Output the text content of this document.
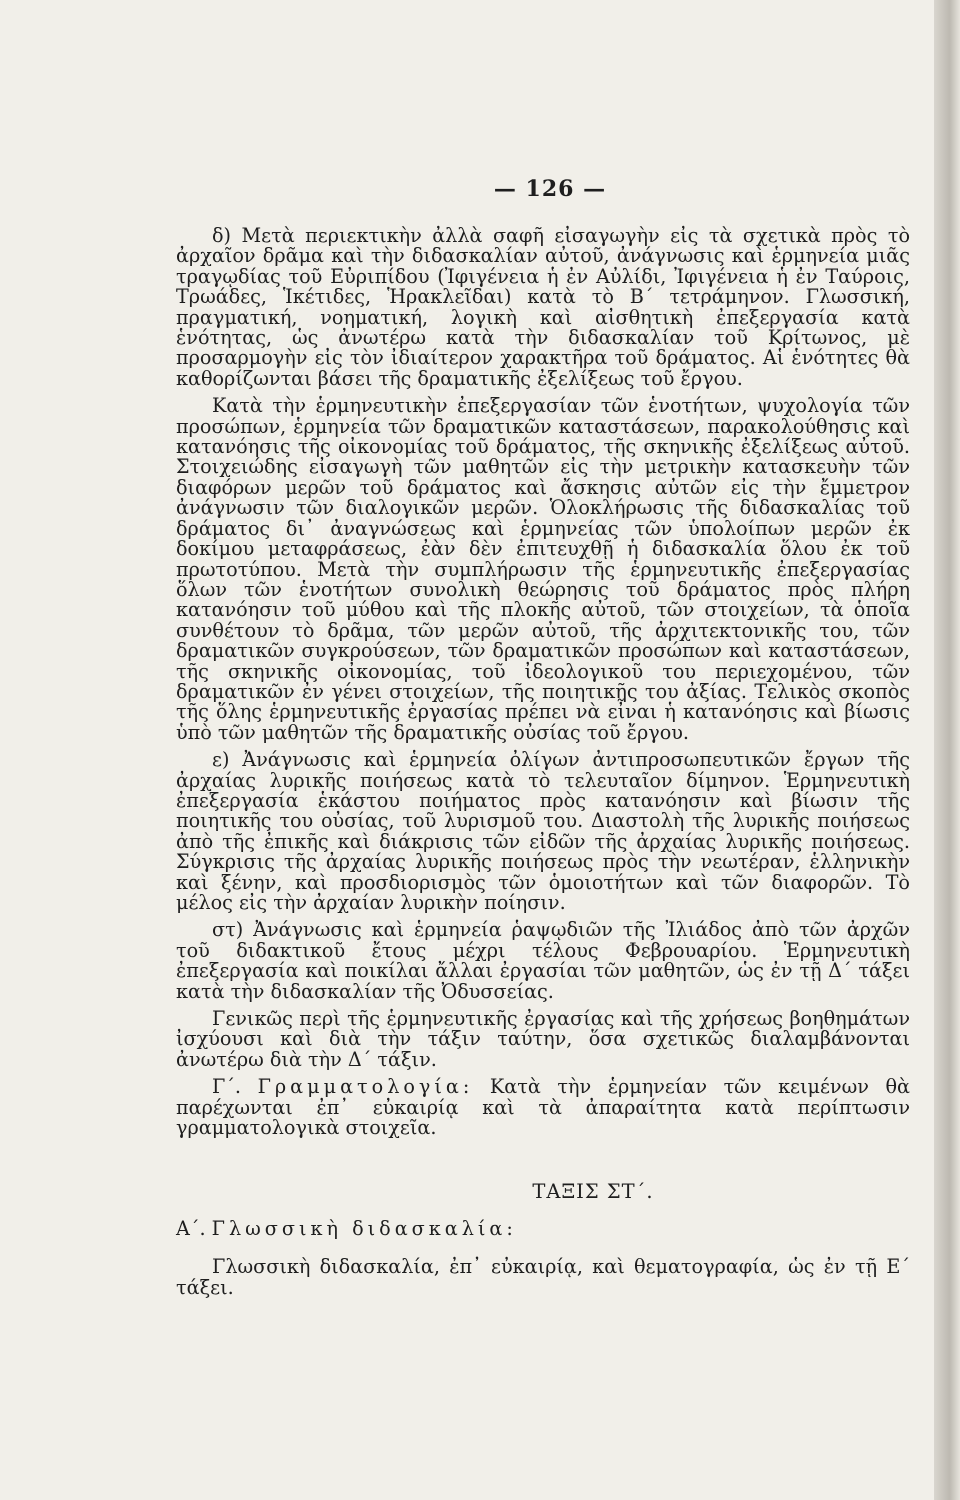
— 126 —

δ) Μετὰ περιεκτικὴν ἀλλὰ σαφῆ εἰσαγωγὴν εἰς τὰ σχετικὰ πρὸς τὸ ἀρχαῖον δρᾶμα καὶ τὴν διδασκαλίαν αὐτοῦ, ἀνάγνωσις καὶ ἑρμηνεία μιᾶς τραγῳδίας τοῦ Εὐριπίδου (Ἰφιγένεια ἡ ἐν Αὐλίδι, Ἰφιγένεια ἡ ἐν Ταύροις, Τρωάδες, Ἱκέτιδες, Ἡρακλεῖδαι) κατὰ τὸ Β΄ τετράμηνον. Γλωσσική, πραγματική, νοηματική, λογικὴ καὶ αἰσθητικὴ ἐπεξεργασία κατὰ ἑνότητας, ὡς ἀνωτέρω κατὰ τὴν διδασκαλίαν τοῦ Κρίτωνος, μὲ προσαρμογὴν εἰς τὸν ἰδιαίτερον χαρακτῆρα τοῦ δράματος. Αἱ ἑνότητες θὰ καθορίζωνται βάσει τῆς δραματικῆς ἐξελίξεως τοῦ ἔργου.

Κατὰ τὴν ἑρμηνευτικὴν ἐπεξεργασίαν τῶν ἑνοτήτων, ψυχολογία τῶν προσώπων, ἑρμηνεία τῶν δραματικῶν καταστάσεων, παρακολούθησις καὶ κατανόησις τῆς οἰκονομίας τοῦ δράματος, τῆς σκηνικῆς ἐξελίξεως αὐτοῦ. Στοιχειώδης εἰσαγωγὴ τῶν μαθητῶν εἰς τὴν μετρικὴν κατασκευὴν τῶν διαφόρων μερῶν τοῦ δράματος καὶ ἄσκησις αὐτῶν εἰς τὴν ἔμμετρον ἀνάγνωσιν τῶν διαλογικῶν μερῶν. Ὁλοκλήρωσις τῆς διδασκαλίας τοῦ δράματος δι᾽ ἀναγνώσεως καὶ ἑρμηνείας τῶν ὑπολοίπων μερῶν ἐκ δοκίμου μεταφράσεως, ἐὰν δὲν ἐπιτευχθῇ ἡ διδασκαλία ὅλου ἐκ τοῦ πρωτοτύπου. Μετὰ τὴν συμπλήρωσιν τῆς ἑρμηνευτικῆς ἐπεξεργασίας ὅλων τῶν ἑνοτήτων συνολικὴ θεώρησις τοῦ δράματος πρὸς πλήρη κατανόησιν τοῦ μύθου καὶ τῆς πλοκῆς αὐτοῦ, τῶν στοιχείων, τὰ ὁποῖα συνθέτουν τὸ δρᾶμα, τῶν μερῶν αὐτοῦ, τῆς ἀρχιτεκτονικῆς του, τῶν δραματικῶν συγκρούσεων, τῶν δραματικῶν προσώπων καὶ καταστάσεων, τῆς σκηνικῆς οἰκονομίας, τοῦ ἰδεολογικοῦ του περιεχομένου, τῶν δραματικῶν ἐν γένει στοιχείων, τῆς ποιητικῆς του ἀξίας. Τελικὸς σκοπὸς τῆς ὅλης ἑρμηνευτικῆς ἐργασίας πρέπει νὰ εἶναι ἡ κατανόησις καὶ βίωσις ὑπὸ τῶν μαθητῶν τῆς δραματικῆς οὐσίας τοῦ ἔργου.

ε) Ἀνάγνωσις καὶ ἑρμηνεία ὀλίγων ἀντιπροσωπευτικῶν ἔργων τῆς ἀρχαίας λυρικῆς ποιήσεως κατὰ τὸ τελευταῖον δίμηνον. Ἑρμηνευτικὴ ἐπεξεργασία ἑκάστου ποιήματος πρὸς κατανόησιν καὶ βίωσιν τῆς ποιητικῆς του οὐσίας, τοῦ λυρισμοῦ του. Διαστολὴ τῆς λυρικῆς ποιήσεως ἀπὸ τῆς ἐπικῆς καὶ διάκρισις τῶν εἰδῶν τῆς ἀρχαίας λυρικῆς ποιήσεως. Σύγκρισις τῆς ἀρχαίας λυρικῆς ποιήσεως πρὸς τὴν νεωτέραν, ἑλληνικὴν καὶ ξένην, καὶ προσδιορισμὸς τῶν ὁμοιοτήτων καὶ τῶν διαφορῶν. Τὸ μέλος εἰς τὴν ἀρχαίαν λυρικὴν ποίησιν.

στ) Ἀνάγνωσις καὶ ἑρμηνεία ῥαψῳδιῶν τῆς Ἰλιάδος ἀπὸ τῶν ἀρχῶν τοῦ διδακτικοῦ ἔτους μέχρι τέλους Φεβρουαρίου. Ἑρμηνευτικὴ ἐπεξεργασία καὶ ποικίλαι ἄλλαι ἐργασίαι τῶν μαθητῶν, ὡς ἐν τῇ Δ΄ τάξει κατὰ τὴν διδασκαλίαν τῆς Ὀδυσσείας.

Γενικῶς περὶ τῆς ἑρμηνευτικῆς ἐργασίας καὶ τῆς χρήσεως βοηθημάτων ἰσχύουσι καὶ διὰ τὴν τάξιν ταύτην, ὅσα σχετικῶς διαλαμβάνονται ἀνωτέρω διὰ τὴν Δ΄ τάξιν.

Γ΄. Γραμματολογία: Κατὰ τὴν ἑρμηνείαν τῶν κειμένων θὰ παρέχωνται ἐπ᾽ εὐκαιρίᾳ καὶ τὰ ἀπαραίτητα κατὰ περίπτωσιν γραμματολογικὰ στοιχεῖα.

ΤΑΞΙΣ ΣΤ΄.

Α΄. Γλωσσικὴ διδασκαλία:

Γλωσσικὴ διδασκαλία, ἐπ᾽ εὐκαιρίᾳ, καὶ θεματογραφία, ὡς ἐν τῇ Ε΄ τάξει.
